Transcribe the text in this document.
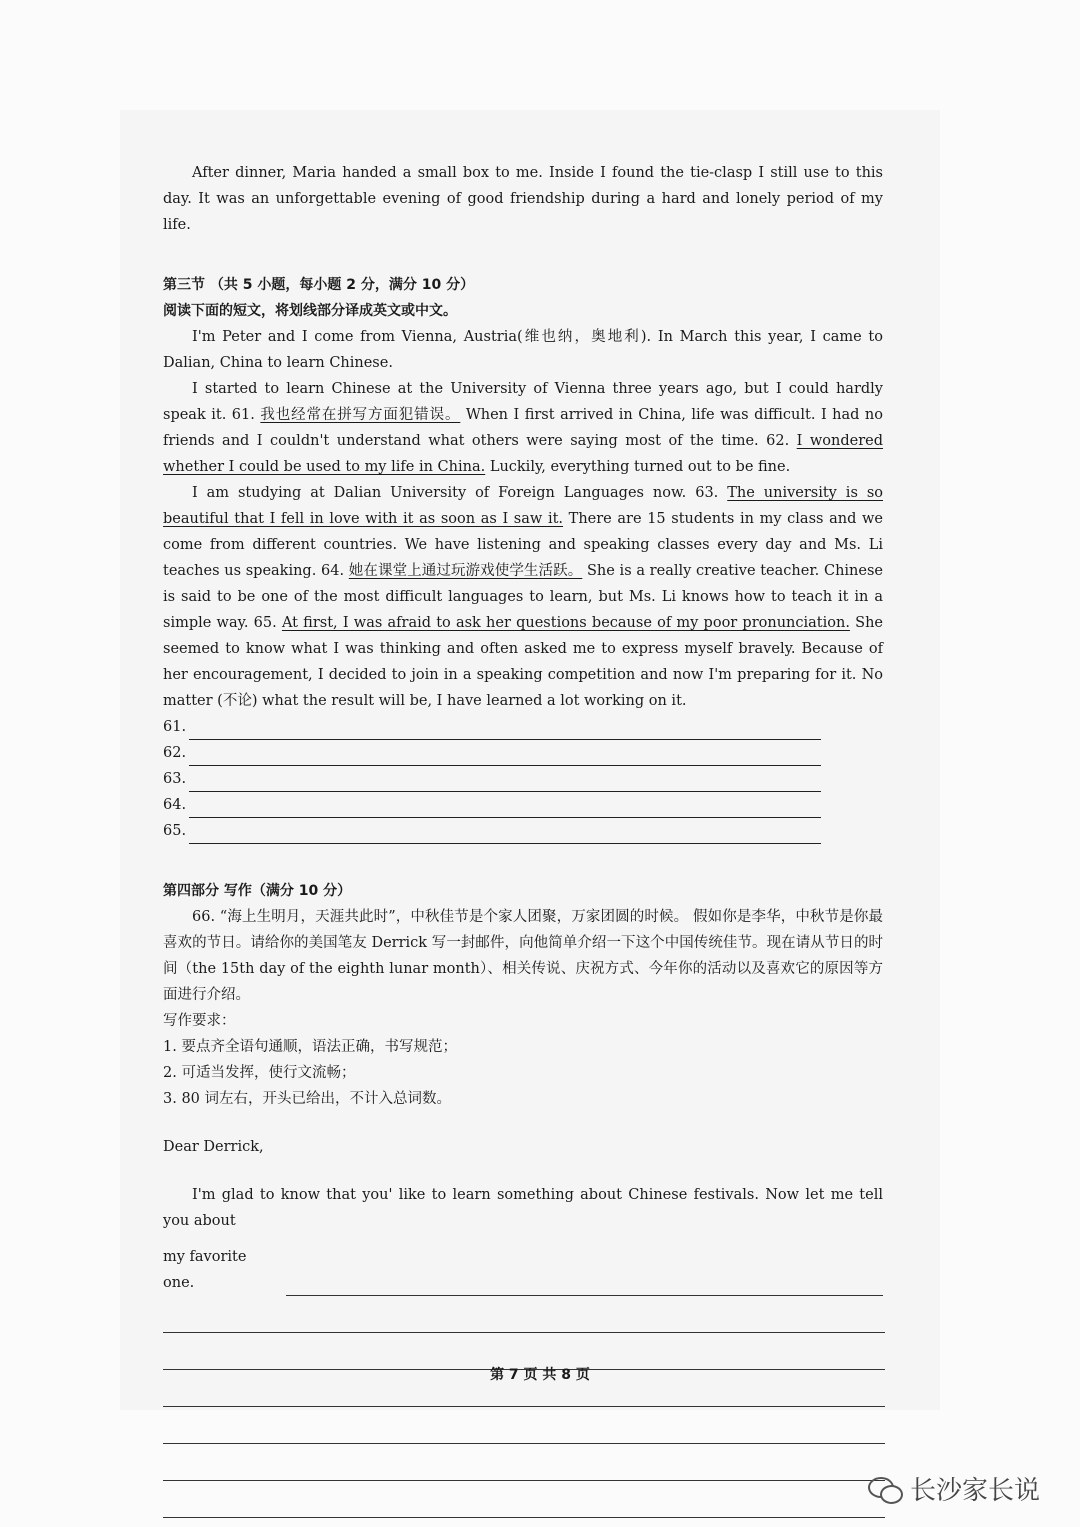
After dinner, Maria handed a small box to me. Inside I found the tie-clasp I still use to this day. It was an unforgettable evening of good friendship during a hard and lonely period of my life.

第三节 （共 5 小题，每小题 2 分，满分 10 分）

阅读下面的短文，将划线部分译成英文或中文。

I'm Peter and I come from Vienna, Austria(维也纳，奥地利). In March this year, I came to Dalian, China to learn Chinese.

I started to learn Chinese at the University of Vienna three years ago, but I could hardly speak it. 61. 我也经常在拼写方面犯错误。 When I first arrived in China, life was difficult. I had no friends and I couldn't understand what others were saying most of the time. 62. I wondered whether I could be used to my life in China. Luckily, everything turned out to be fine.

I am studying at Dalian University of Foreign Languages now. 63. The university is so beautiful that I fell in love with it as soon as I saw it. There are 15 students in my class and we come from different countries. We have listening and speaking classes every day and Ms. Li teaches us speaking. 64. 她在课堂上通过玩游戏使学生活跃。 She is a really creative teacher. Chinese is said to be one of the most difficult languages to learn, but Ms. Li knows how to teach it in a simple way. 65. At first, I was afraid to ask her questions because of my poor pronunciation. She seemed to know what I was thinking and often asked me to express myself bravely. Because of her encouragement, I decided to join in a speaking competition and now I'm preparing for it. No matter (不论) what the result will be, I have learned a lot working on it.

61.
62.
63.
64.
65.

第四部分 写作（满分 10 分）

66. “海上生明月，天涯共此时”，中秋佳节是个家人团聚，万家团圆的时候。 假如你是李华，中秋节是你最喜欢的节日。请给你的美国笔友 Derrick 写一封邮件，向他简单介绍一下这个中国传统佳节。现在请从节日的时间（the 15th day of the eighth lunar month）、相关传说、庆祝方式、今年你的活动以及喜欢它的原因等方面进行介绍。

写作要求：

1. 要点齐全语句通顺，语法正确，书写规范；

2. 可适当发挥，使行文流畅；

3. 80 词左右，开头已给出，不计入总词数。

Dear Derrick,

I'm glad to know that you' like to learn something about Chinese festivals. Now let me tell you about

my favorite one.
第 7 页 共 8 页
长沙家长说
